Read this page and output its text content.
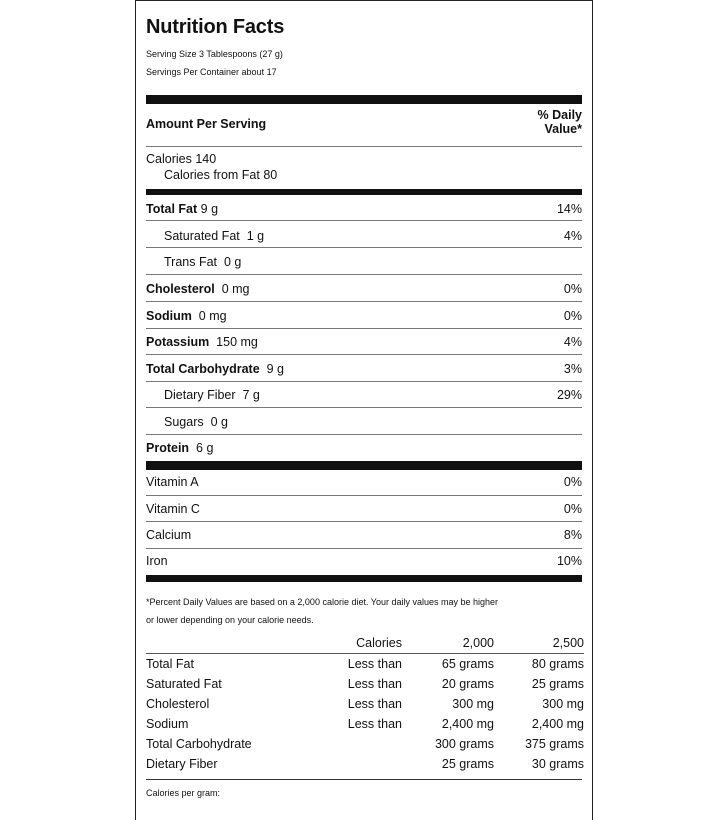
Nutrition Facts
Serving Size 3 Tablespoons (27 g)
Servings Per Container about 17
Amount Per Serving
% Daily
Value*
Calories 140
Calories from Fat 80
Total Fat 9 g	14%
Saturated Fat 1 g	4%
Trans Fat 0 g
Cholesterol 0 mg	0%
Sodium 0 mg	0%
Potassium 150 mg	4%
Total Carbohydrate 9 g	3%
Dietary Fiber 7 g	29%
Sugars 0 g
Protein 6 g
Vitamin A	0%
Vitamin C	0%
Calcium	8%
Iron	10%
*Percent Daily Values are based on a 2,000 calorie diet. Your daily values may be higher
or lower depending on your calorie needs.
	Calories	2,000	2,500
Total Fat	Less than	65 grams	80 grams
Saturated Fat	Less than	20 grams	25 grams
Cholesterol	Less than	300 mg	300 mg
Sodium	Less than	2,400 mg	2,400 mg
Total Carbohydrate		300 grams	375 grams
Dietary Fiber		25 grams	30 grams
Calories per gram:
